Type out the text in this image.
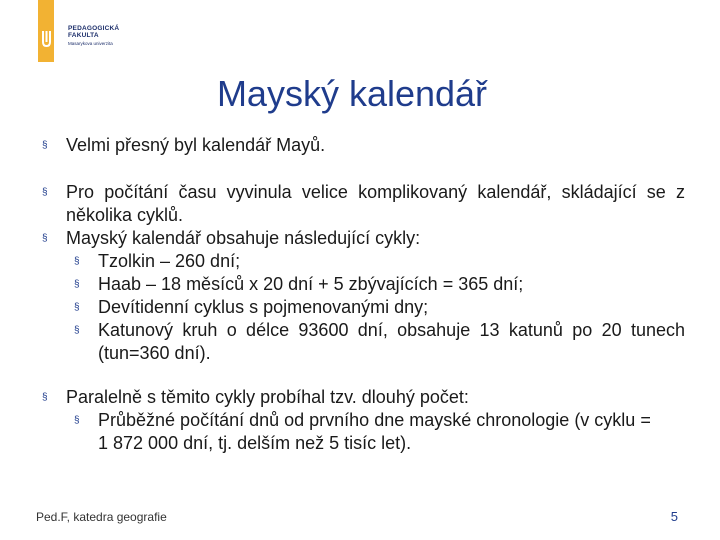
PEDAGOGICKÁ
FAKULTA
Masarykova univerzita
Mayský kalendář
§ Velmi přesný byl kalendář Mayů.
§ Pro počítání času vyvinula velice komplikovaný kalendář, skládající se z několika cyklů.
§ Mayský kalendář obsahuje následující cykly:
§ Tzolkin – 260 dní;
§ Haab – 18 měsíců x 20 dní + 5 zbývajících = 365 dní;
§ Devítidenní cyklus s pojmenovanými dny;
§ Katunový kruh o délce 93600 dní, obsahuje 13 katunů po 20 tunech (tun=360 dní).
§ Paralelně s těmito cykly probíhal tzv. dlouhý počet:
§ Průběžné počítání dnů od prvního dne mayské chronologie (v cyklu = 1 872 000 dní, tj. delším než 5 tisíc let).
Ped.F, katedra geografie	5
